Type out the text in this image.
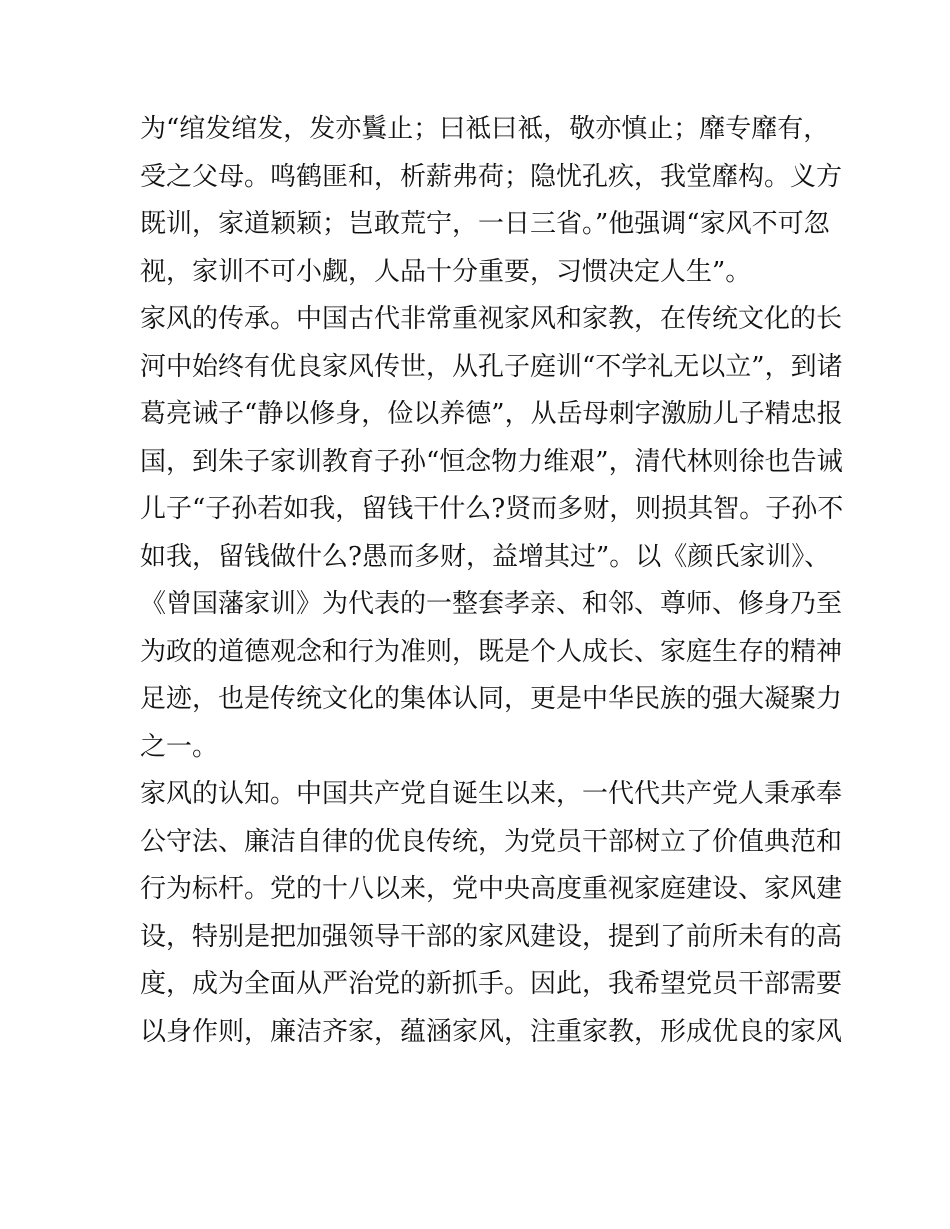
为“绾发绾发，发亦鬒止；曰袛曰袛，敬亦慎止；靡专靡有，
受之父母。鸣鹤匪和，析薪弗荷；隐忧孔疚，我堂靡构。义方
既训，家道颖颖；岂敢荒宁，一日三省。”他强调“家风不可忽
视，家训不可小觑，人品十分重要，习惯决定人生”。
家风的传承。中国古代非常重视家风和家教，在传统文化的长
河中始终有优良家风传世，从孔子庭训“不学礼无以立”，到诸
葛亮诫子“静以修身，俭以养德”，从岳母刺字激励儿子精忠报
国，到朱子家训教育子孙“恒念物力维艰”，清代林则徐也告诫
儿子“子孙若如我，留钱干什么?贤而多财，则损其智。子孙不
如我，留钱做什么?愚而多财，益增其过”。以《颜氏家训》、
《曾国藩家训》为代表的一整套孝亲、和邻、尊师、修身乃至
为政的道德观念和行为准则，既是个人成长、家庭生存的精神
足迹，也是传统文化的集体认同，更是中华民族的强大凝聚力
之一。
家风的认知。中国共产党自诞生以来，一代代共产党人秉承奉
公守法、廉洁自律的优良传统，为党员干部树立了价值典范和
行为标杆。党的十八以来，党中央高度重视家庭建设、家风建
设，特别是把加强领导干部的家风建设，提到了前所未有的高
度，成为全面从严治党的新抓手。因此，我希望党员干部需要
以身作则，廉洁齐家，蕴涵家风，注重家教，形成优良的家风
